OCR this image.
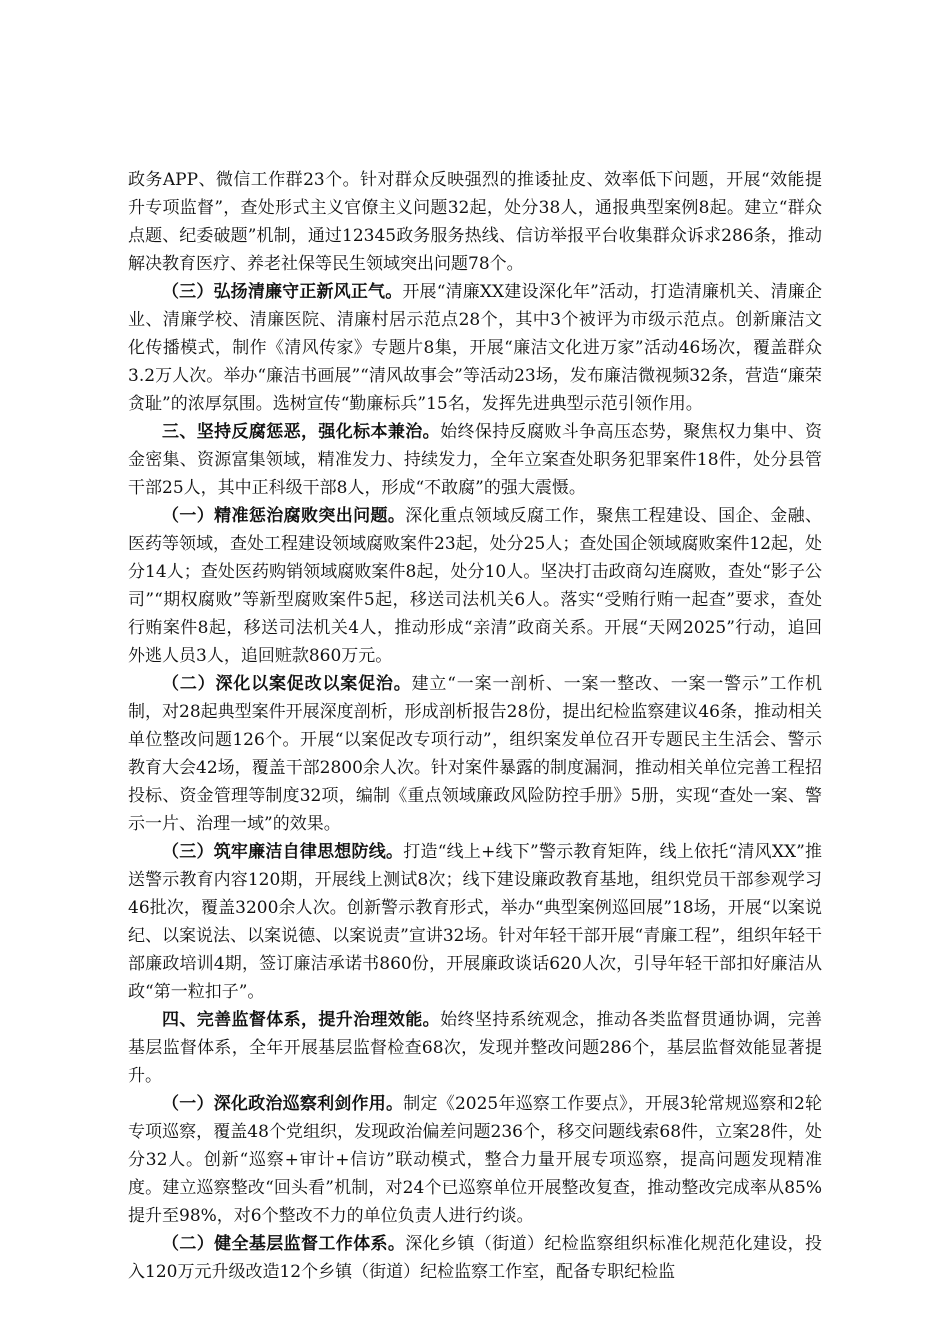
政务APP、微信工作群23个。针对群众反映强烈的推诿扯皮、效率低下问题，开展“效能提升专项监督”，查处形式主义官僚主义问题32起，处分38人，通报典型案例8起。建立“群众点题、纪委破题”机制，通过12345政务服务热线、信访举报平台收集群众诉求286条，推动解决教育医疗、养老社保等民生领域突出问题78个。

（三）弘扬清廉守正新风正气。开展“清廉XX建设深化年”活动，打造清廉机关、清廉企业、清廉学校、清廉医院、清廉村居示范点28个，其中3个被评为市级示范点。创新廉洁文化传播模式，制作《清风传家》专题片8集，开展“廉洁文化进万家”活动46场次，覆盖群众3.2万人次。举办“廉洁书画展”“清风故事会”等活动23场，发布廉洁微视频32条，营造“廉荣贪耻”的浓厚氛围。选树宣传“勤廉标兵”15名，发挥先进典型示范引领作用。

三、坚持反腐惩恶，强化标本兼治。始终保持反腐败斗争高压态势，聚焦权力集中、资金密集、资源富集领域，精准发力、持续发力，全年立案查处职务犯罪案件18件，处分县管干部25人，其中正科级干部8人，形成“不敢腐”的强大震慑。

（一）精准惩治腐败突出问题。深化重点领域反腐工作，聚焦工程建设、国企、金融、医药等领域，查处工程建设领域腐败案件23起，处分25人；查处国企领域腐败案件12起，处分14人；查处医药购销领域腐败案件8起，处分10人。坚决打击政商勾连腐败，查处“影子公司”“期权腐败”等新型腐败案件5起，移送司法机关6人。落实“受贿行贿一起查”要求，查处行贿案件8起，移送司法机关4人，推动形成“亲清”政商关系。开展“天网2025”行动，追回外逃人员3人，追回赃款860万元。

（二）深化以案促改以案促治。建立“一案一剖析、一案一整改、一案一警示”工作机制，对28起典型案件开展深度剖析，形成剖析报告28份，提出纪检监察建议46条，推动相关单位整改问题126个。开展“以案促改专项行动”，组织案发单位召开专题民主生活会、警示教育大会42场，覆盖干部2800余人次。针对案件暴露的制度漏洞，推动相关单位完善工程招投标、资金管理等制度32项，编制《重点领域廉政风险防控手册》5册，实现“查处一案、警示一片、治理一域”的效果。

（三）筑牢廉洁自律思想防线。打造“线上+线下”警示教育矩阵，线上依托“清风XX”推送警示教育内容120期，开展线上测试8次；线下建设廉政教育基地，组织党员干部参观学习46批次，覆盖3200余人次。创新警示教育形式，举办“典型案例巡回展”18场，开展“以案说纪、以案说法、以案说德、以案说责”宣讲32场。针对年轻干部开展“青廉工程”，组织年轻干部廉政培训4期，签订廉洁承诺书860份，开展廉政谈话620人次，引导年轻干部扣好廉洁从政“第一粒扣子”。

四、完善监督体系，提升治理效能。始终坚持系统观念，推动各类监督贯通协调，完善基层监督体系，全年开展基层监督检查68次，发现并整改问题286个，基层监督效能显著提升。

（一）深化政治巡察利剑作用。制定《2025年巡察工作要点》，开展3轮常规巡察和2轮专项巡察，覆盖48个党组织，发现政治偏差问题236个，移交问题线索68件，立案28件，处分32人。创新“巡察+审计+信访”联动模式，整合力量开展专项巡察，提高问题发现精准度。建立巡察整改“回头看”机制，对24个已巡察单位开展整改复查，推动整改完成率从85%提升至98%，对6个整改不力的单位负责人进行约谈。

（二）健全基层监督工作体系。深化乡镇（街道）纪检监察组织标准化规范化建设，投入120万元升级改造12个乡镇（街道）纪检监察工作室，配备专职纪检监
